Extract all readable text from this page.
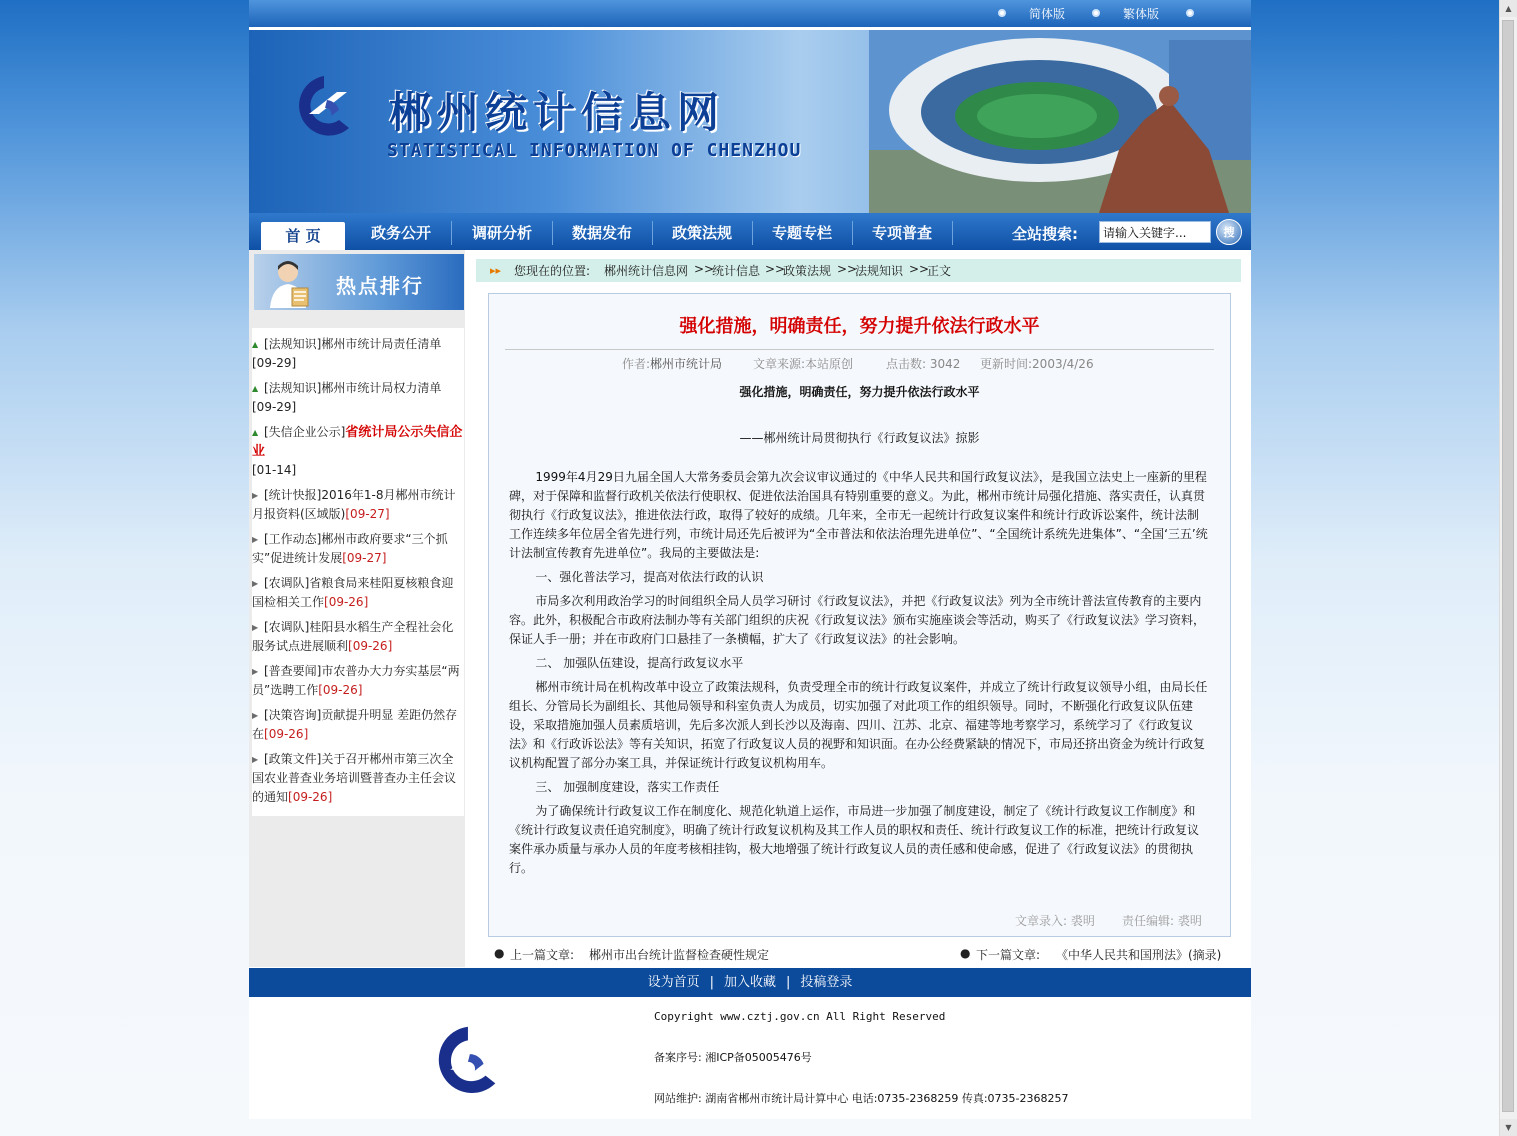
▲
▼
简体版	繁体版
郴州统计信息网
STATISTICAL INFORMATION OF CHENZHOU
首 页	政务公开	调研分析	数据发布	政策法规	专题专栏	专项普查	全站搜索:
请输入关键字...	搜
热点排行
▲ [法规知识]郴州市统计局责任清单
[09-29]
▲ [法规知识]郴州市统计局权力清单
[09-29]
▲ [失信企业公示]省统计局公示失信企业
[01-14]
▶ [统计快报]2016年1-8月郴州市统计月报资料(区域版)[09-27]
▶ [工作动态]郴州市政府要求“三个抓实”促进统计发展[09-27]
▶ [农调队]省粮食局来桂阳夏核粮食迎国检相关工作[09-26]
▶ [农调队]桂阳县水稻生产全程社会化服务试点进展顺利[09-26]
▶ [普查要闻]市农普办大力夯实基层“两员”选聘工作[09-26]
▶ [决策咨询]贡献提升明显 差距仍然存在[09-26]
▶ [政策文件]关于召开郴州市第三次全国农业普查业务培训暨普查办主任会议的通知[09-26]
▸▸ 您现在的位置: 郴州统计信息网 >>
统计信息 >>
政策法规 >>
法规知识 >>
正文
强化措施，明确责任，努力提升依法行政水平
作者:郴州市统计局	文章来源:本站原创	点击数: 3042 更新时间:2003/4/26
强化措施，明确责任，努力提升依法行政水平
——郴州统计局贯彻执行《行政复议法》掠影

1999年4月29日九届全国人大常务委员会第九次会议审议通过的《中华人民共和国行政复议法》，是我国立法史上一座新的里程碑，对于保障和监督行政机关依法行使职权、促进依法治国具有特别重要的意义。为此，郴州市统计局强化措施、落实责任，认真贯彻执行《行政复议法》，推进依法行政，取得了较好的成绩。几年来，全市无一起统计行政复议案件和统计行政诉讼案件，统计法制工作连续多年位居全省先进行列，市统计局还先后被评为“全市普法和依法治理先进单位”、“全国统计系统先进集体”、“全国‘三五’统计法制宣传教育先进单位”。我局的主要做法是:

一、强化普法学习，提高对依法行政的认识

市局多次利用政治学习的时间组织全局人员学习研讨《行政复议法》，并把《行政复议法》列为全市统计普法宣传教育的主要内容。此外，积极配合市政府法制办等有关部门组织的庆祝《行政复议法》颁布实施座谈会等活动，购买了《行政复议法》学习资料，保证人手一册；并在市政府门口悬挂了一条横幅，扩大了《行政复议法》的社会影响。

二、 加强队伍建设，提高行政复议水平

郴州市统计局在机构改革中设立了政策法规科，负责受理全市的统计行政复议案件，并成立了统计行政复议领导小组，由局长任组长、分管局长为副组长、其他局领导和科室负责人为成员，切实加强了对此项工作的组织领导。同时，不断强化行政复议队伍建设，采取措施加强人员素质培训，先后多次派人到长沙以及海南、四川、江苏、北京、福建等地考察学习，系统学习了《行政复议法》和《行政诉讼法》等有关知识，拓宽了行政复议人员的视野和知识面。在办公经费紧缺的情况下，市局还挤出资金为统计行政复议机构配置了部分办案工具，并保证统计行政复议机构用车。

三、 加强制度建设，落实工作责任

为了确保统计行政复议工作在制度化、规范化轨道上运作，市局进一步加强了制度建设，制定了《统计行政复议工作制度》和《统计行政复议责任追究制度》，明确了统计行政复议机构及其工作人员的职权和责任、统计行政复议工作的标准，把统计行政复议案件承办质量与承办人员的年度考核相挂钩，极大地增强了统计行政复议人员的责任感和使命感，促进了《行政复议法》的贯彻执行。

文章录入: 裘明 责任编辑: 裘明
● 上一篇文章: 郴州市出台统计监督检查硬性规定	● 下一篇文章: 《中华人民共和国刑法》(摘录)
设为首页 | 加入收藏 | 投稿登录
Copyright www.cztj.gov.cn All Right Reserved
备案序号: 湘ICP备05005476号
网站维护: 湖南省郴州市统计局计算中心 电话:0735-2368259 传真:0735-2368257
